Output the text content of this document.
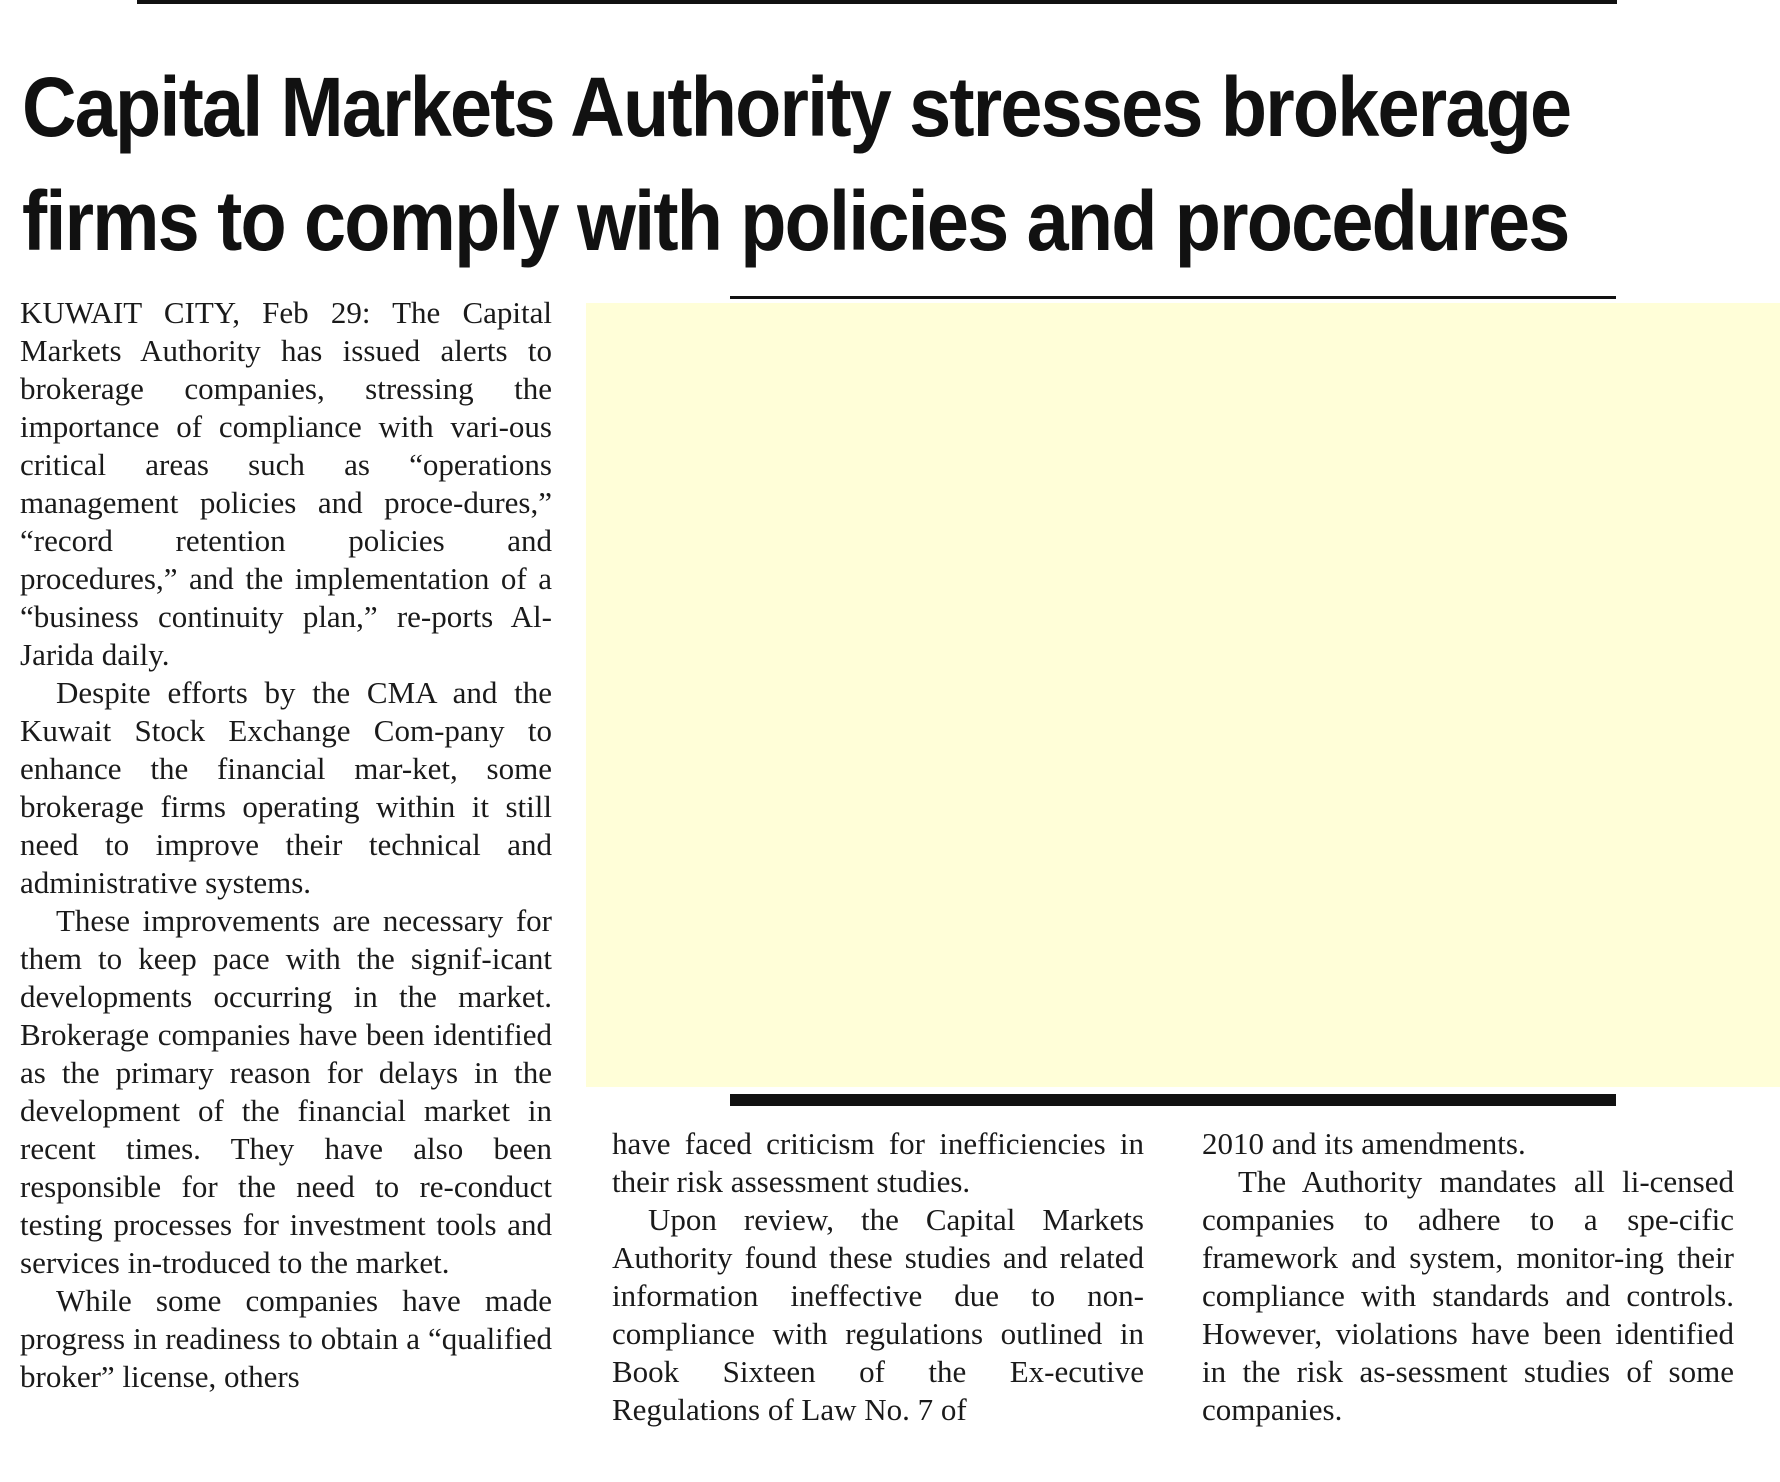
Capital Markets Authority stresses brokerage
firms to comply with policies and procedures

KUWAIT CITY, Feb 29: The Capital Markets Authority has issued alerts to brokerage companies, stressing the importance of compliance with vari-ous critical areas such as “operations management policies and proce-dures,” “record retention policies and procedures,” and the implementation of a “business continuity plan,” re-ports Al-Jarida daily.

Despite efforts by the CMA and the Kuwait Stock Exchange Com-pany to enhance the financial mar-ket, some brokerage firms operating within it still need to improve their technical and administrative systems.

These improvements are necessary for them to keep pace with the signif-icant developments occurring in the market. Brokerage companies have been identified as the primary reason for delays in the development of the financial market in recent times. They have also been responsible for the need to re-conduct testing processes for investment tools and services in-troduced to the market.

While some companies have made progress in readiness to obtain a “qualified broker” license, others

have faced criticism for inefficiencies in their risk assessment studies.

Upon review, the Capital Markets Authority found these studies and related information ineffective due to non-compliance with regulations outlined in Book Sixteen of the Ex-ecutive Regulations of Law No. 7 of

2010 and its amendments.

The Authority mandates all li-censed companies to adhere to a spe-cific framework and system, monitor-ing their compliance with standards and controls. However, violations have been identified in the risk as-sessment studies of some companies.
